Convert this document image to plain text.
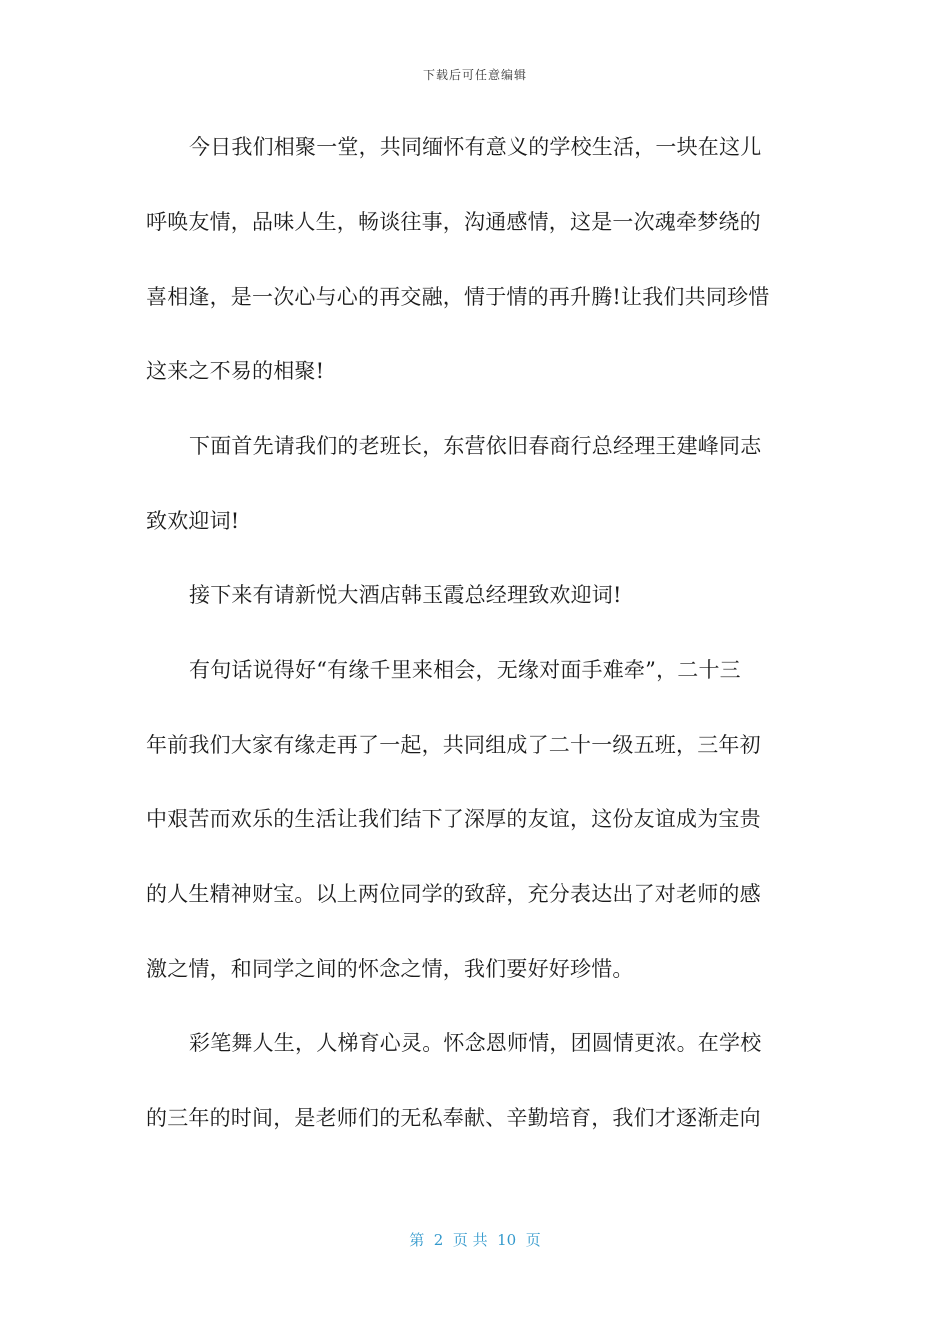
下载后可任意编辑
今日我们相聚一堂，共同缅怀有意义的学校生活，一块在这儿
呼唤友情，品味人生，畅谈往事，沟通感情，这是一次魂牵梦绕的
喜相逢，是一次心与心的再交融，情于情的再升腾!让我们共同珍惜
这来之不易的相聚!
下面首先请我们的老班长，东营依旧春商行总经理王建峰同志
致欢迎词!
接下来有请新悦大酒店韩玉霞总经理致欢迎词!
有句话说得好“有缘千里来相会，无缘对面手难牵”，二十三
年前我们大家有缘走再了一起，共同组成了二十一级五班，三年初
中艰苦而欢乐的生活让我们结下了深厚的友谊，这份友谊成为宝贵
的人生精神财宝。以上两位同学的致辞，充分表达出了对老师的感
激之情，和同学之间的怀念之情，我们要好好珍惜。
彩笔舞人生，人梯育心灵。怀念恩师情，团圆情更浓。在学校
的三年的时间，是老师们的无私奉献、辛勤培育，我们才逐渐走向
第  2  页 共  10  页
